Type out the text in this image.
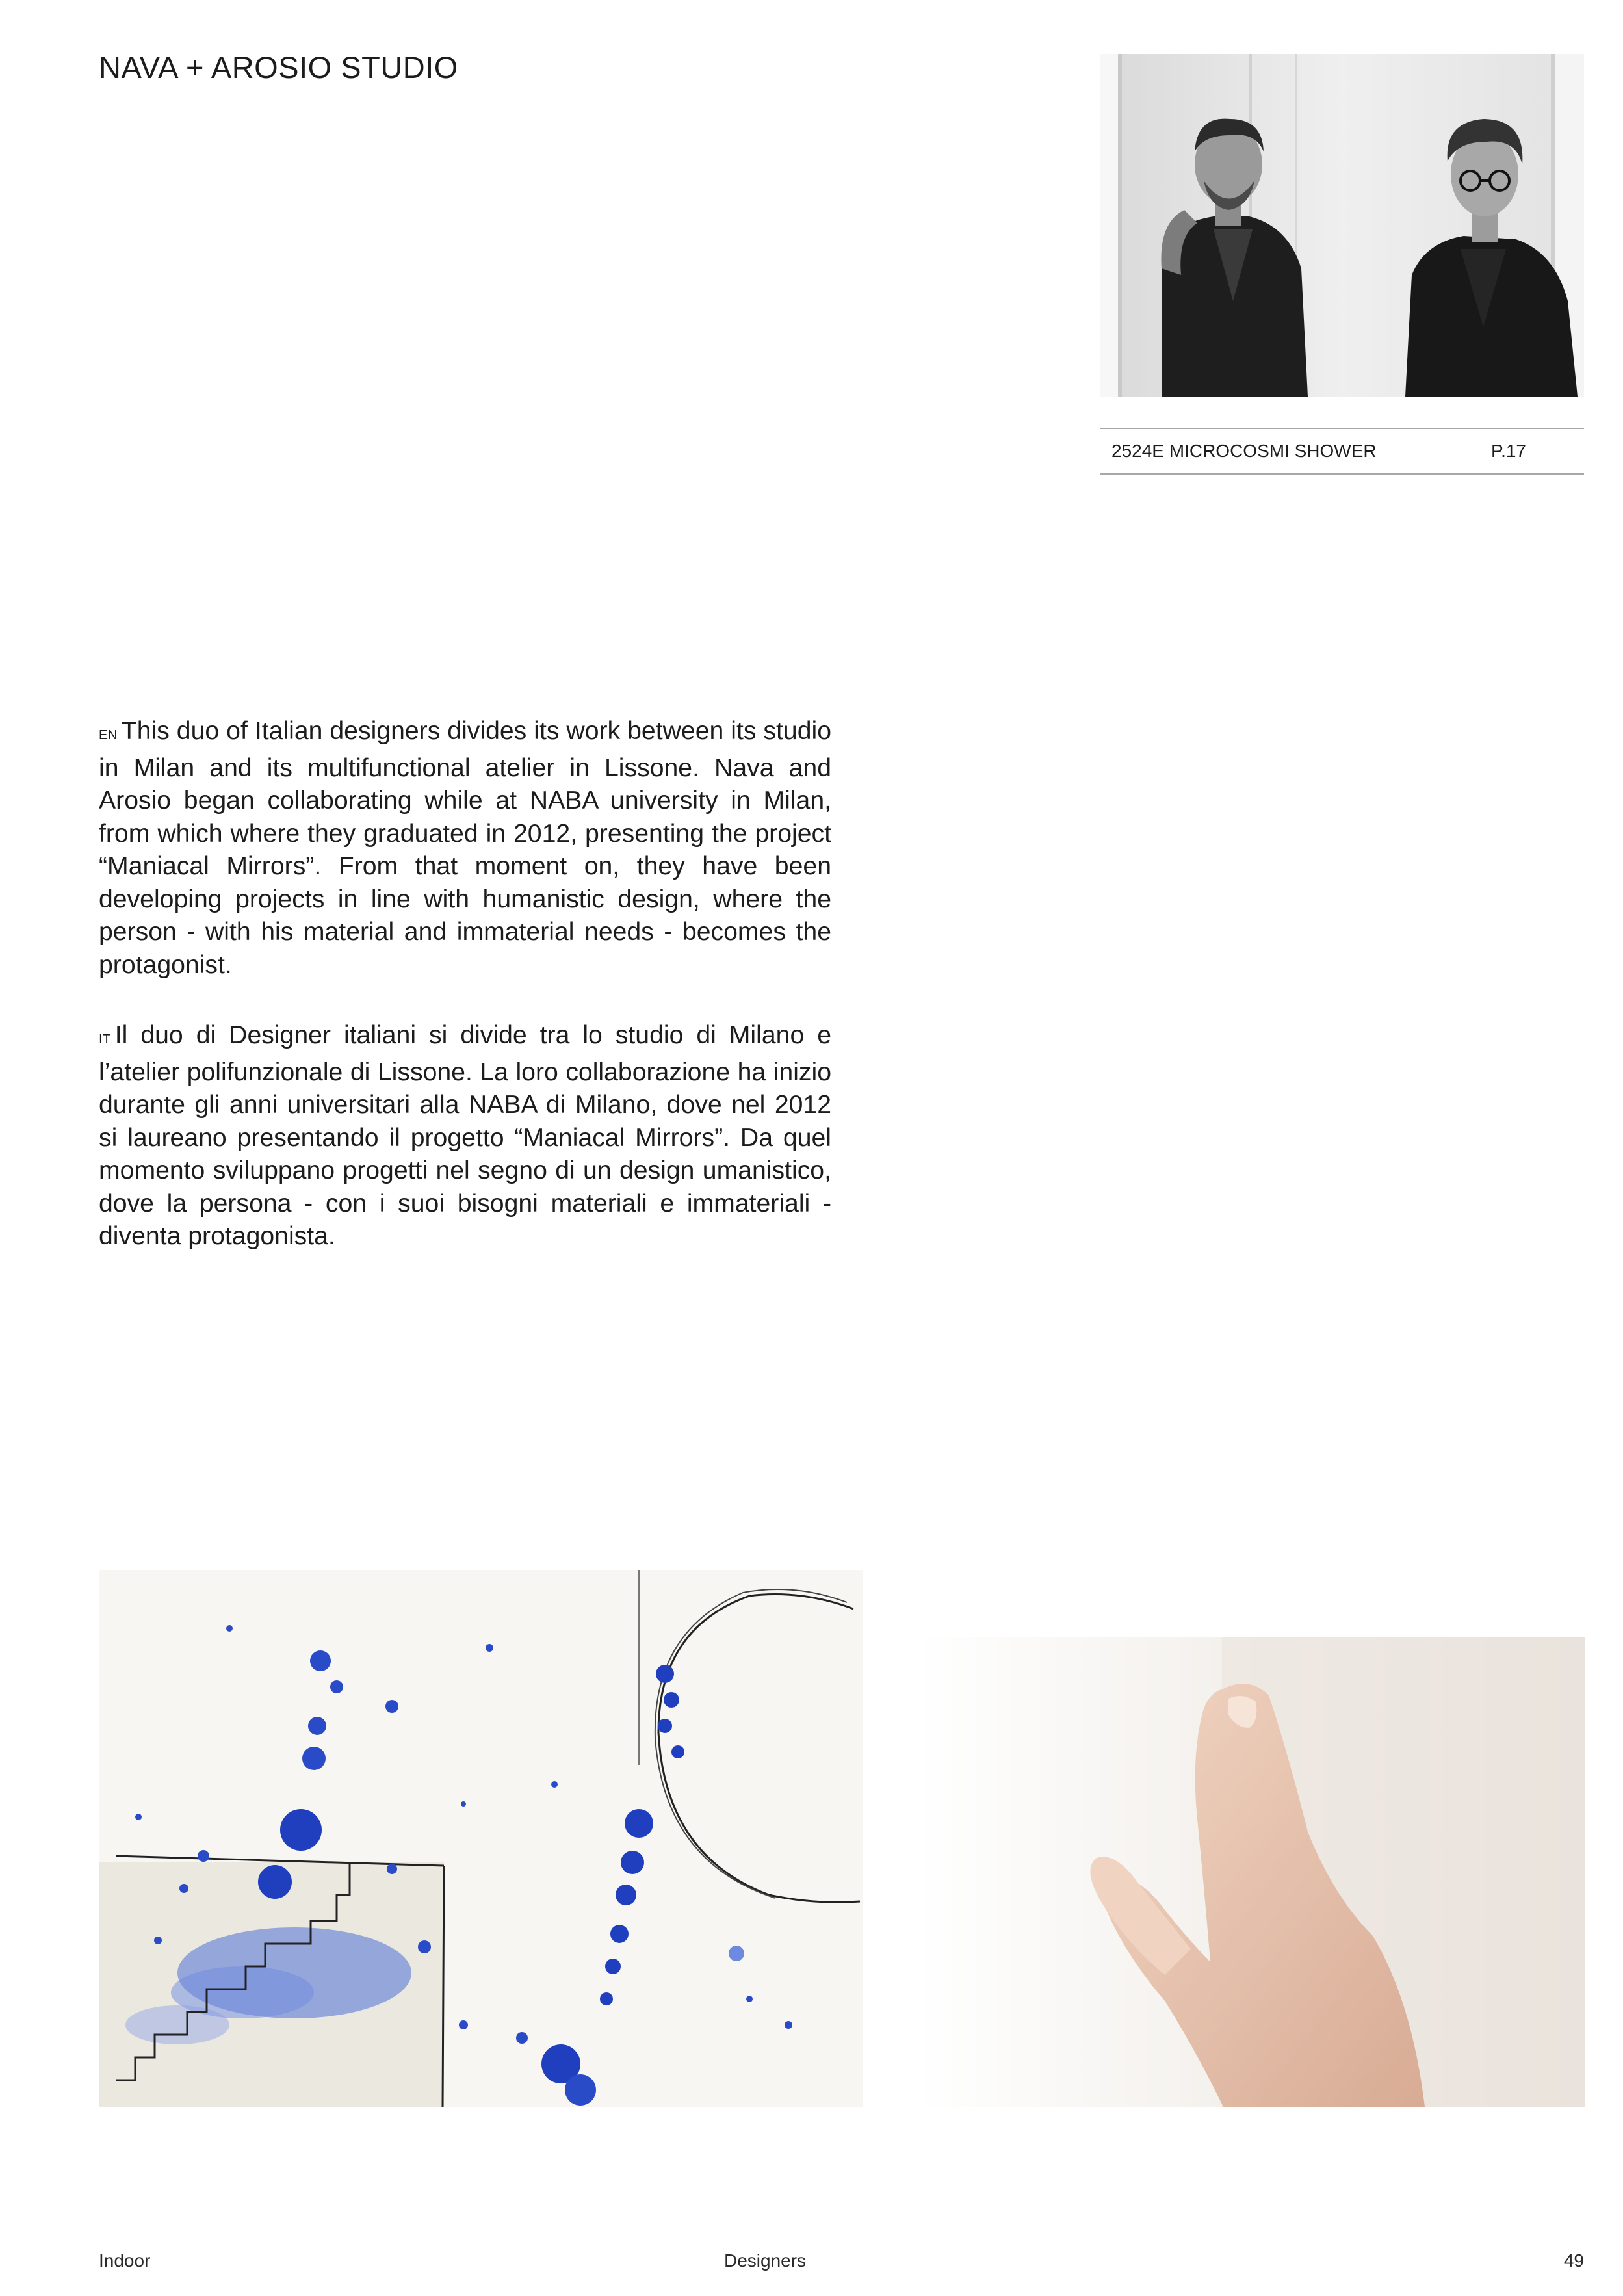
NAVA + AROSIO STUDIO
2524E MICROCOSMI SHOWER	P.17

EN This duo of Italian designers divides its work between its studio in Milan and its multifunctional atelier in Lissone. Nava and Arosio began collaborating while at NABA university in Milan, from which where they graduated in 2012, presenting the project “Maniacal Mirrors”. From that moment on, they have been developing projects in line with humanistic design, where the person - with his material and immaterial needs - becomes the protagonist.

IT Il duo di Designer italiani si divide tra lo studio di Milano e l’atelier polifunzionale di Lissone. La loro collaborazione ha inizio durante gli anni universitari alla NABA di Milano, dove nel 2012 si laureano presentando il progetto “Maniacal Mirrors”. Da quel momento sviluppano progetti nel segno di un design umanistico, dove la persona - con i suoi bisogni materiali e immateriali - diventa protagonista.

Indoor	Designers	49
